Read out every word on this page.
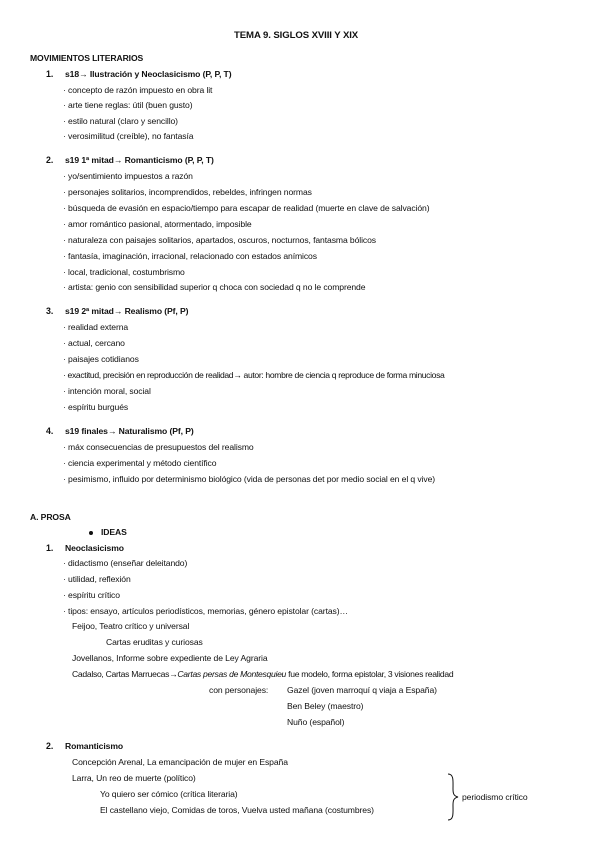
TEMA 9. SIGLOS XVIII Y XIX
MOVIMIENTOS LITERARIOS
1. s18→ Ilustración y Neoclasicismo (P, P, T)
· concepto de razón impuesto en obra lit
· arte tiene reglas: útil (buen gusto)
· estilo natural (claro y sencillo)
· verosimilitud (creíble), no fantasía
2. s19 1ª mitad→ Romanticismo (P, P, T)
· yo/sentimiento impuestos a razón
· personajes solitarios, incomprendidos, rebeldes, infringen normas
· búsqueda de evasión en espacio/tiempo para escapar de realidad (muerte en clave de salvación)
· amor romántico pasional, atormentado, imposible
· naturaleza con paisajes solitarios, apartados, oscuros, nocturnos, fantasma bólicos
· fantasía, imaginación, irracional, relacionado con estados anímicos
· local, tradicional, costumbrismo
· artista: genio con sensibilidad superior q choca con sociedad q no le comprende
3. s19 2ª mitad→ Realismo (Pf, P)
· realidad externa
· actual, cercano
· paisajes cotidianos
· exactitud, precisión en reproducción de realidad→ autor: hombre de ciencia q reproduce de forma minuciosa
· intención moral, social
· espíritu burgués
4. s19 finales→ Naturalismo (Pf, P)
· máx consecuencias de presupuestos del realismo
· ciencia experimental y método científico
· pesimismo, influido por determinismo biológico (vida de personas det por medio social en el q vive)
A. PROSA
IDEAS
1. Neoclasicismo
· didactismo (enseñar deleitando)
· utilidad, reflexión
· espíritu crítico
· tipos: ensayo, artículos periodísticos, memorias, género epistolar (cartas)…
Feijoo, Teatro crítico y universal
Cartas eruditas y curiosas
Jovellanos, Informe sobre expediente de Ley Agraria
Cadalso, Cartas Marruecas→Cartas persas de Montesquieu fue modelo, forma epistolar, 3 visiones realidad
con personajes: Gazel (joven marroquí q viaja a España)
Ben Beley (maestro)
Nuño (español)
2. Romanticismo
Concepción Arenal, La emancipación de mujer en España
Larra, Un reo de muerte (político)
Yo quiero ser cómico (crítica literaria)
El castellano viejo, Comidas de toros, Vuelva usted mañana (costumbres)
periodismo crítico
